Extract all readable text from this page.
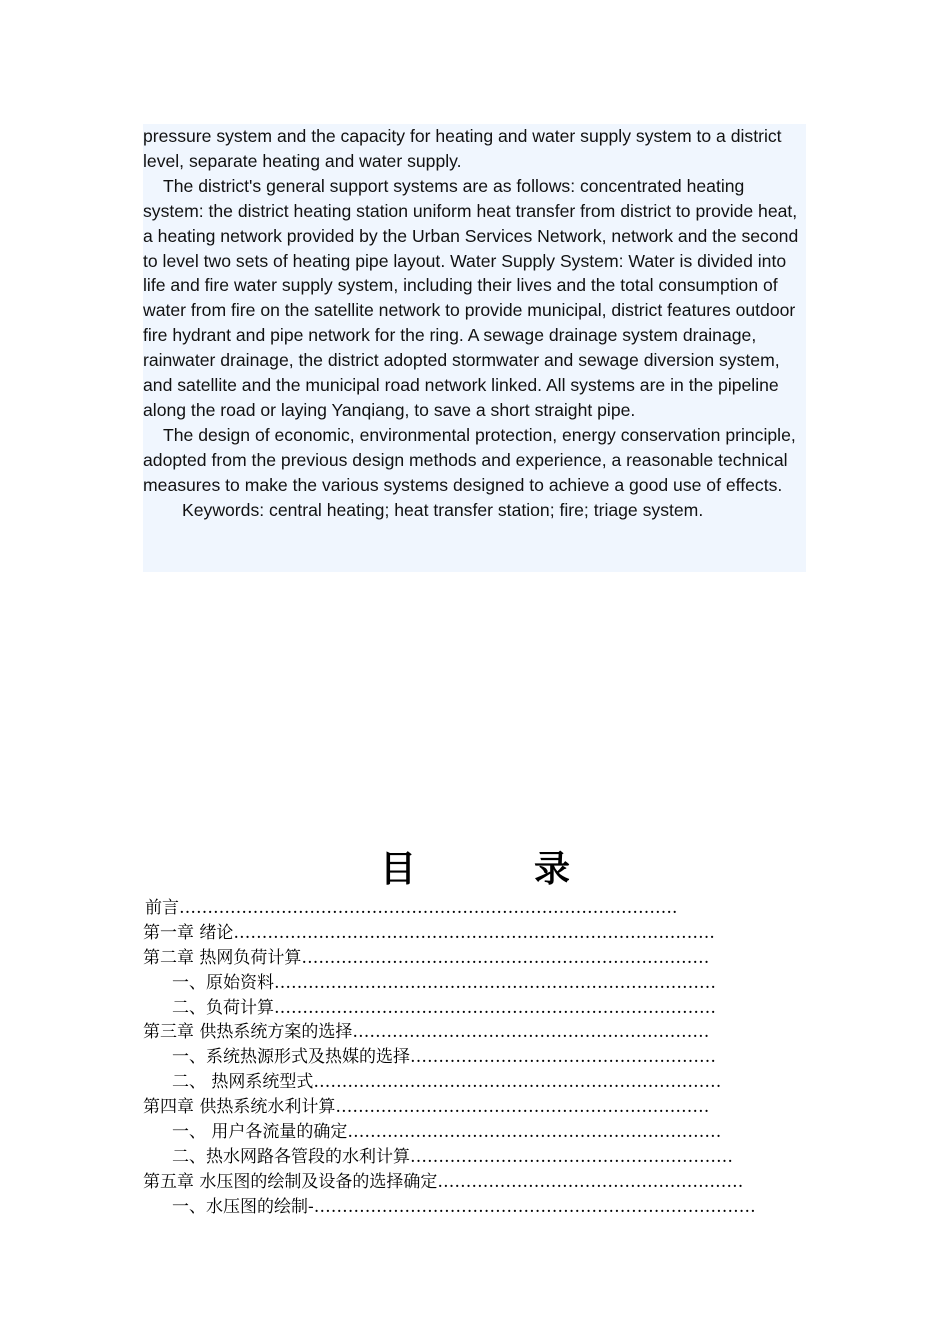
pressure system and the capacity for heating and water supply system to a district level, separate heating and water supply.

The district's general support systems are as follows: concentrated heating system: the district heating station uniform heat transfer from district to provide heat, a heating network provided by the Urban Services Network, network and the second to level two sets of heating pipe layout. Water Supply System: Water is divided into life and fire water supply system, including their lives and the total consumption of water from fire on the satellite network to provide municipal, district features outdoor fire hydrant and pipe network for the ring. A sewage drainage system drainage, rainwater drainage, the district adopted stormwater and sewage diversion system, and satellite and the municipal road network linked. All systems are in the pipeline along the road or laying Yanqiang, to save a short straight pipe.

The design of economic, environmental protection, energy conservation principle, adopted from the previous design methods and experience, a reasonable technical measures to make the various systems designed to achieve a good use of effects.

Keywords: central heating; heat transfer station; fire; triage system.

目	录
前言…………………………………………………………………………….
第一章 绪论………………………………………………………………………….
第二章 热网负荷计算………………………………………………………………
一、原始资料……………………………………………………………………
二、负荷计算……………………………………………………………………
第三章 供热系统方案的选择………………………………………………………
一、系统热源形式及热媒的选择………………………………………………
二、 热网系统型式………………………………………………………………
第四章 供热系统水利计算…………………………………………………………
一、 用户各流量的确定…………………………………………………………
二、热水网路各管段的水利计算…………………………………………………
第五章 水压图的绘制及设备的选择确定………………………………………………
一、水压图的绘制-……………………………………………………………………
